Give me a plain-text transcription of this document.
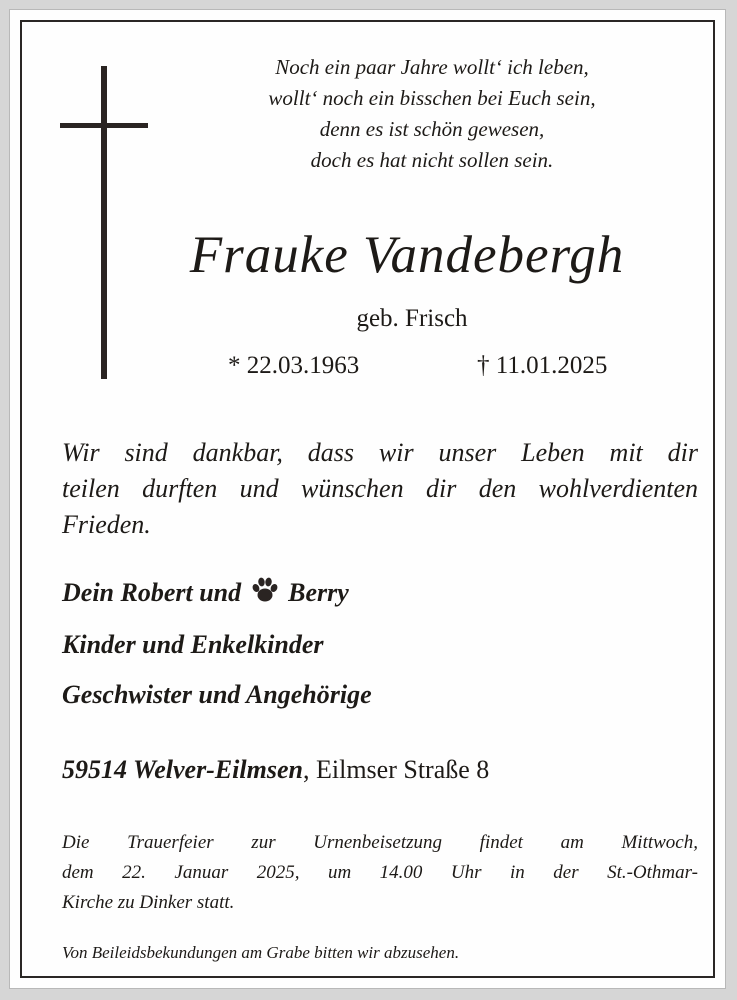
Noch ein paar Jahre wollt‘ ich leben,
wollt‘ noch ein bisschen bei Euch sein,
denn es ist schön gewesen,
doch es hat nicht sollen sein.
Frauke Vandebergh
geb. Frisch
* 22.03.1963	† 11.01.2025
Wir sind dankbar, dass wir unser Leben mit dir
teilen durften und wünschen dir den wohlverdienten
Frieden.
Dein Robert und Berry
Kinder und Enkelkinder
Geschwister und Angehörige
59514 Welver-Eilmsen, Eilmser Straße 8
Die Trauerfeier zur Urnenbeisetzung findet am Mittwoch,
dem 22. Januar 2025, um 14.00 Uhr in der St.-Othmar-
Kirche zu Dinker statt.
Von Beileidsbekundungen am Grabe bitten wir abzusehen.
